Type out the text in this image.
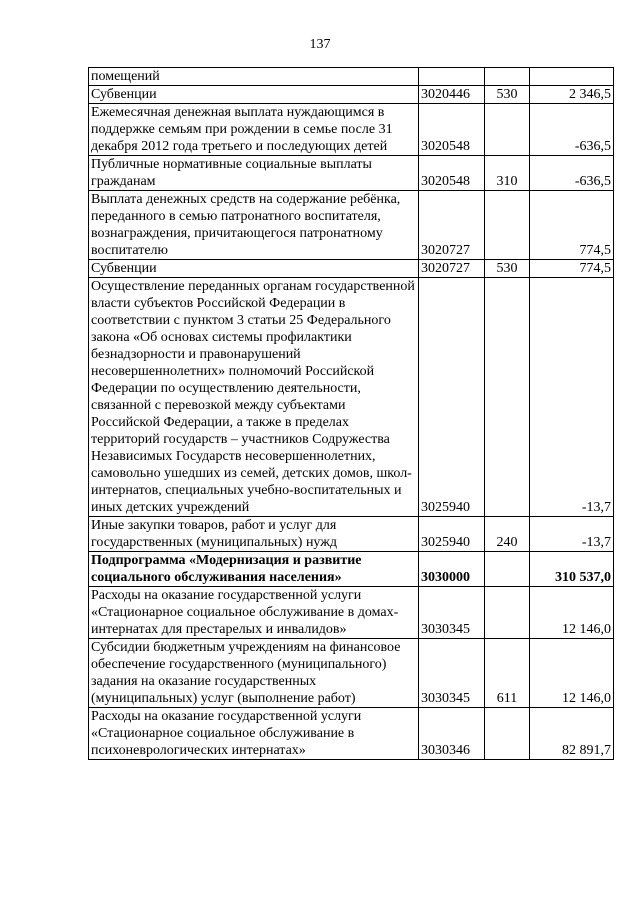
137
помещений			
Субвенции	3020446	530	2 346,5
Ежемесячная денежная выплата нуждающимся в поддержке семьям при рождении в семье после 31 декабря 2012 года третьего и последующих детей	3020548		-636,5
Публичные нормативные социальные выплаты гражданам	3020548	310	-636,5
Выплата денежных средств на содержание ребёнка, переданного в семью патронатного воспитателя, вознаграждения, причитающегося патронатному воспитателю	3020727		774,5
Субвенции	3020727	530	774,5
Осуществление переданных органам государственной власти субъектов Российской Федерации в соответствии с пунктом 3 статьи 25 Федерального закона «Об основах системы профилактики безнадзорности и правонарушений несовершеннолетних» полномочий Российской Федерации по осуществлению деятельности, связанной с перевозкой между субъектами Российской Федерации, а также в пределах территорий государств – участников Содружества Независимых Государств несовершеннолетних, самовольно ушедших из семей, детских домов, школ-интернатов, специальных учебно-воспитательных и иных детских учреждений	3025940		-13,7
Иные закупки товаров, работ и услуг для государственных (муниципальных) нужд	3025940	240	-13,7
Подпрограмма «Модернизация и развитие социального обслуживания населения»	3030000		310 537,0
Расходы на оказание государственной услуги «Стационарное социальное обслуживание в домах-интернатах для престарелых и инвалидов»	3030345		12 146,0
Субсидии бюджетным учреждениям на финансовое обеспечение государственного (муниципального) задания на оказание государственных (муниципальных) услуг (выполнение работ)	3030345	611	12 146,0
Расходы на оказание государственной услуги «Стационарное социальное обслуживание в психоневрологических интернатах»	3030346		82 891,7
